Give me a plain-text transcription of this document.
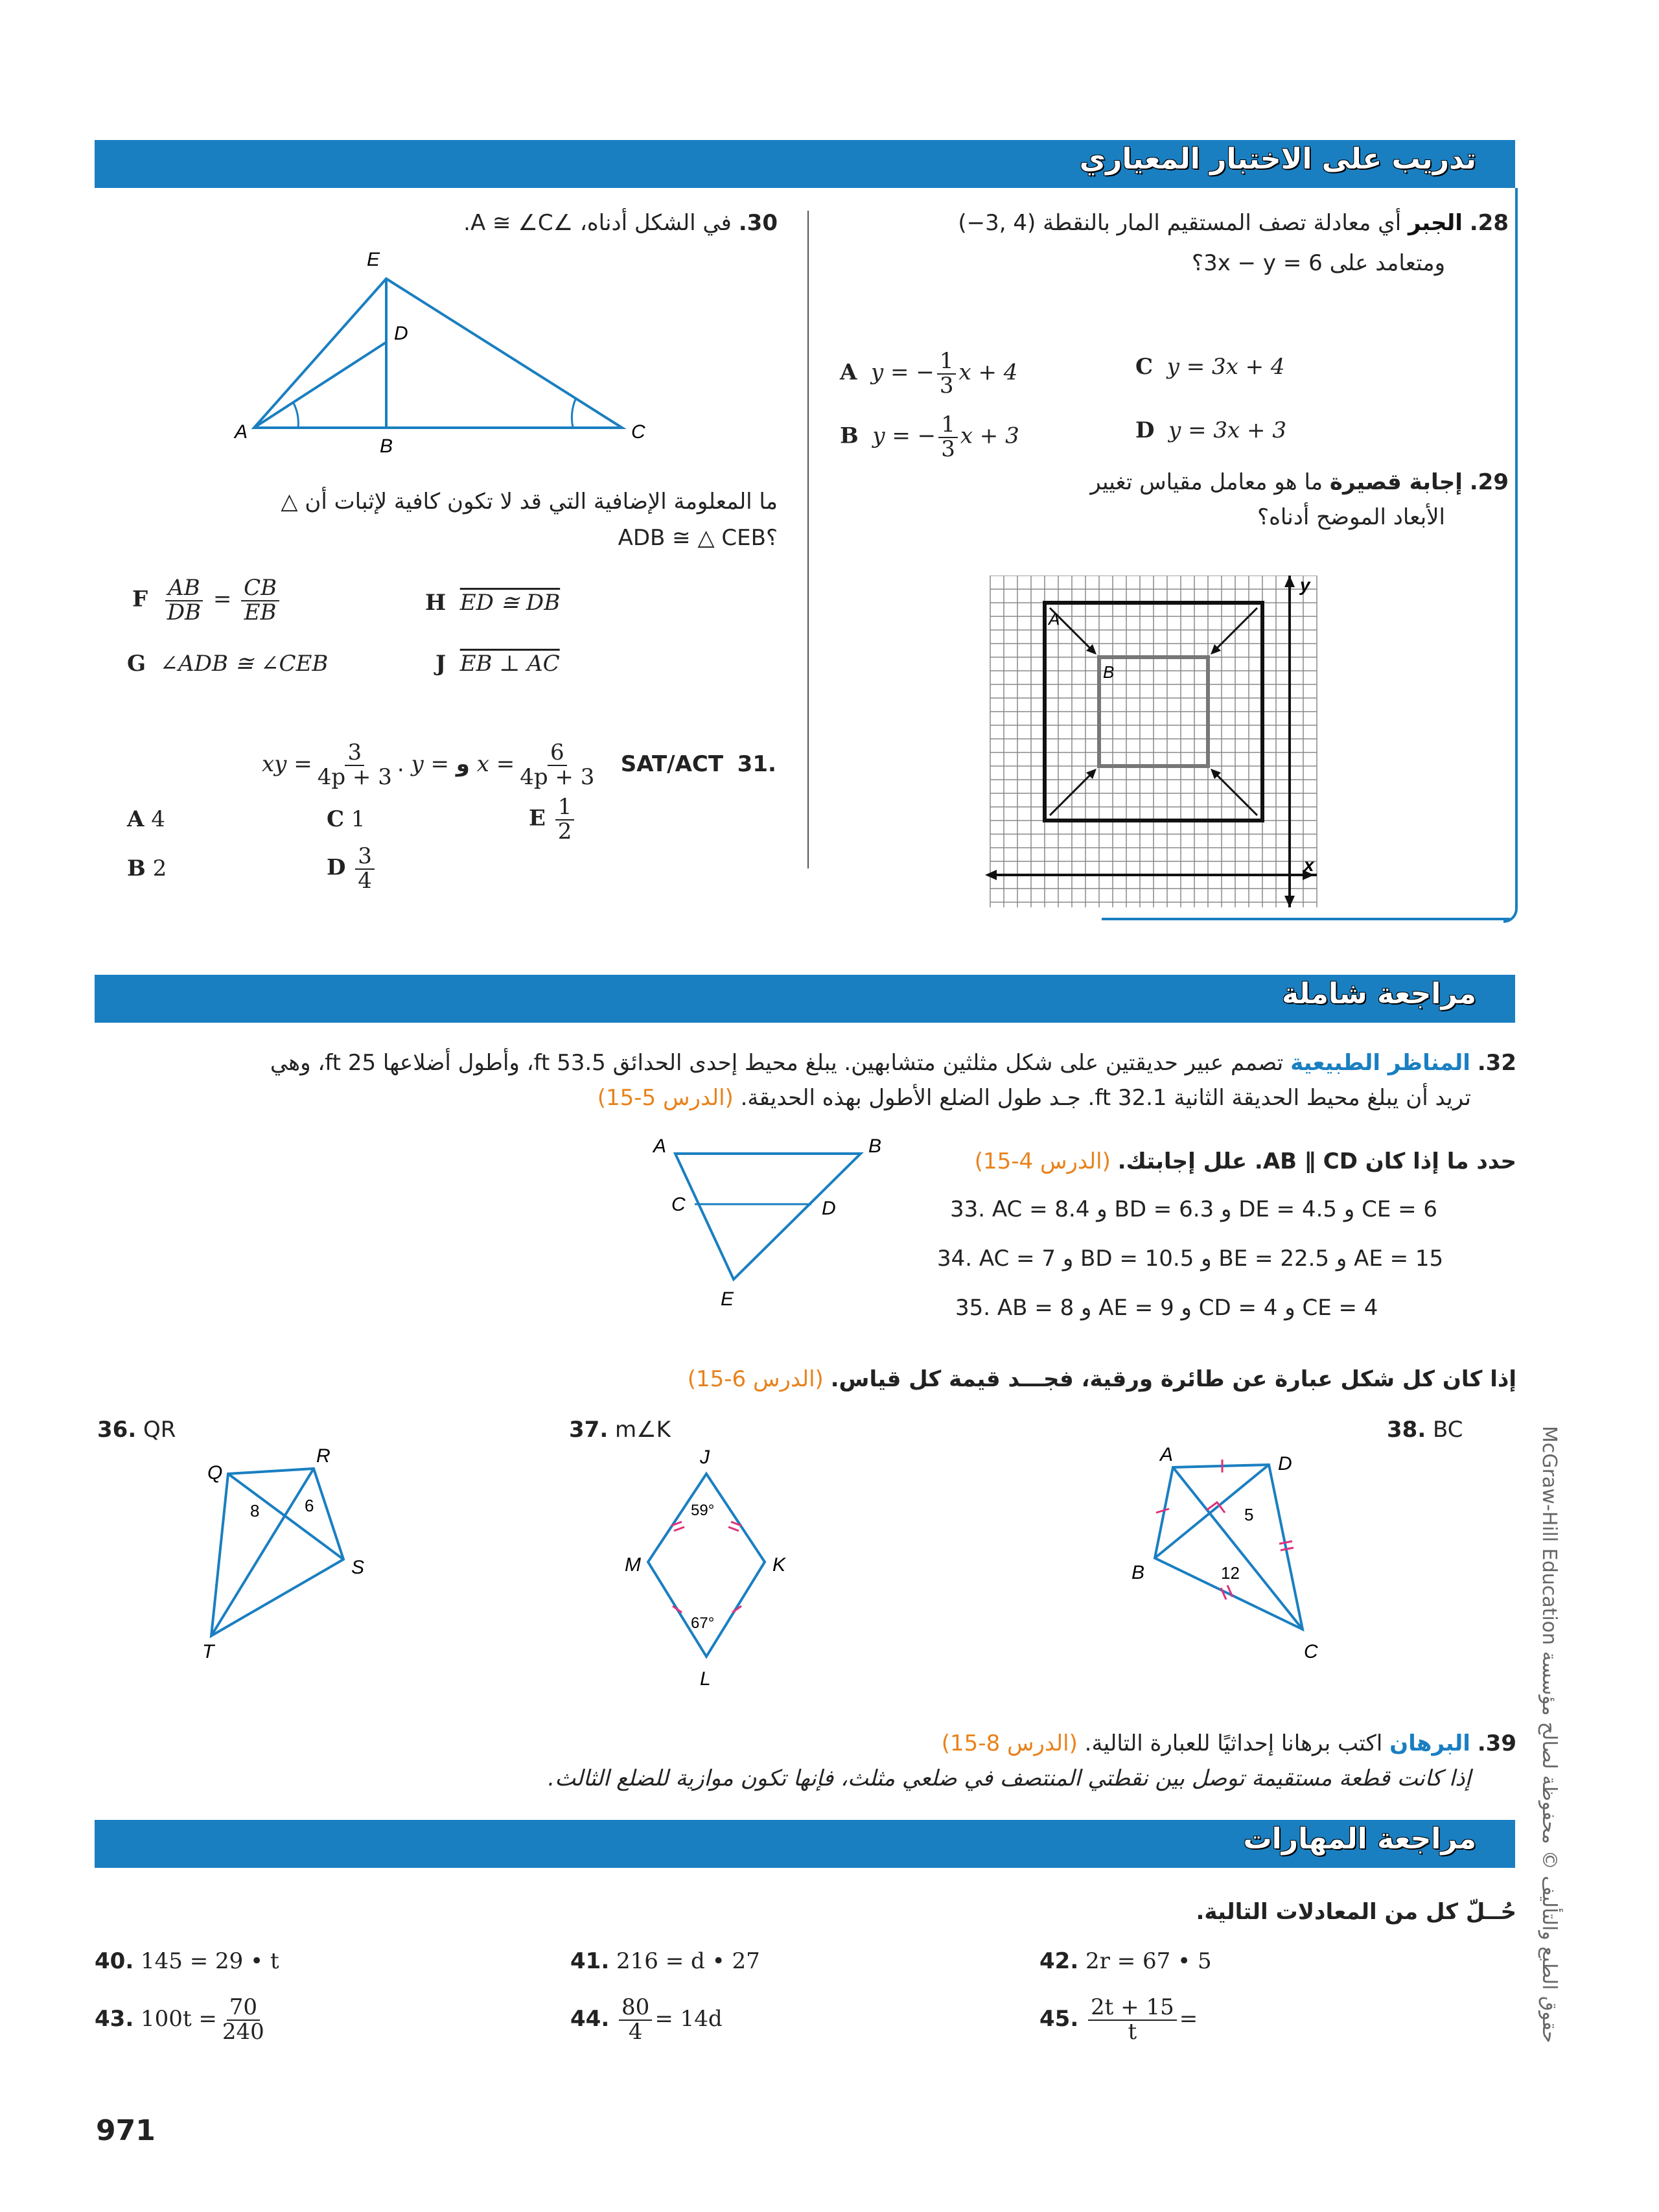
تدريب على الاختبار المعياري
28. الجبر أي معادلة تصف المستقيم المار بالنقطة (4 ,3−)
ومتعامد على 3x − y = 6؟
A y = − $\frac{1}{3}$ x + 4	C y = 3x + 4
B y = − $\frac{1}{3}$ x + 3	D y = 3x + 3
29. إجابة قصيرة ما هو معامل مقياس تغيير
الأبعاد الموضح أدناه؟
A
B
y
x
30. في الشكل أدناه، ∠A ≅ ∠C.
E
D
A
B
C
ما المعلومة الإضافية التي قد لا تكون كافية لإثبات أن △
ADB ≅ △ CEB؟
F $\frac{AB}{DB} = \frac{CB}{EB}$	H ED ≅ DB
G ∠ADB ≅ ∠CEB	J EB ⊥ AC
xy = $\frac{3}{4p + 3}$ . y = و $x = \frac{6}{4p + 3} SAT/ACT$ 31.
A 4	C 1	E $\frac{1}{2}$
B 2	D $\frac{3}{4}$
مراجعة شاملة
32. المناظر الطبيعية تصمم عبير حديقتين على شكل مثلثين متشابهين. يبلغ محيط إحدى الحدائق 53.5 ft، وأطول أضلاعها 25 ft، وهي
تريد أن يبلغ محيط الحديقة الثانية 32.1 ft. جـد طول الضلع الأطول بهذه الحديقة. (الدرس 5-15)
A	B
C	D
E
حدد ما إذا كان AB ∥ CD. علل إجابتك. (الدرس 4-15)
33. AC = 8.4 و BD = 6.3 و DE = 4.5 و CE = 6
34. AC = 7 و BD = 10.5 و BE = 22.5 و AE = 15
35. AB = 8 و AE = 9 و CD = 4 و CE = 4
إذا كان كل شكل عبارة عن طائرة ورقية، فجـــد قيمة كل قياس. (الدرس 6-15)
36. QR
Q
R
S
T
8	6
37. m∠K
J
M	K
L
59°
67°
38. BC
A	D
B
C
5
12
39. البرهان اكتب برهانا إحداثيًا للعبارة التالية. (الدرس 8-15)
إذا كانت قطعة مستقيمة توصل بين نقطتي المنتصف في ضلعي مثلث، فإنها تكون موازية للضلع الثالث.
مراجعة المهارات
حُــلّ كل من المعادلات التالية.
40. 145 = 29 • t	41. 216 = d • 27	42. 2r = 67 • 5
43. $100t = \frac{70}{240}$	44. $\frac{80}{4} = 14d$	45. $\frac{2t + 15}{t}$ =
971
حقوق الطبع والتأليف © محفوظة لصالح مؤسسة McGraw-Hill Education
